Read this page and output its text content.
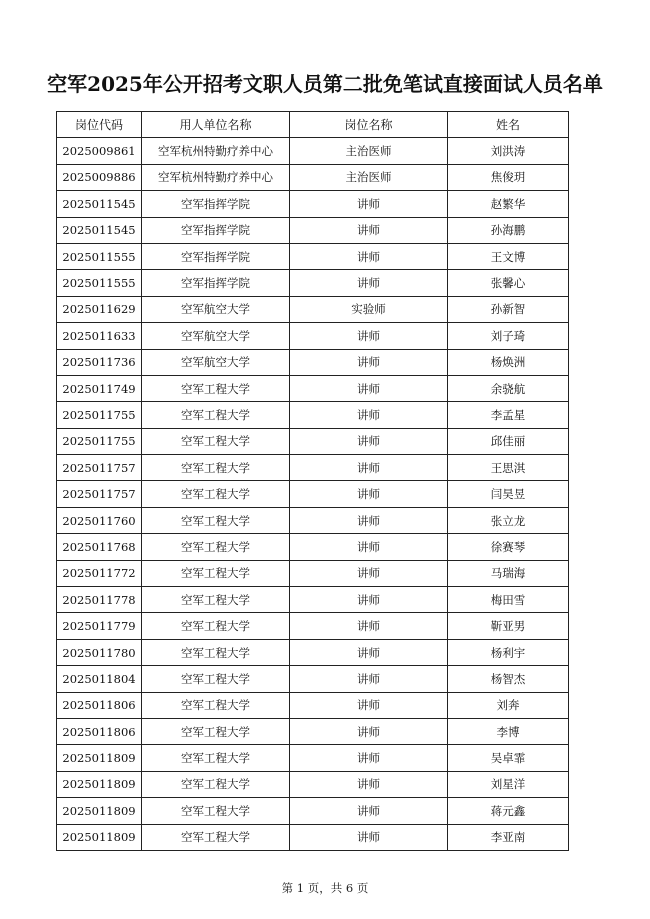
空军2025年公开招考文职人员第二批免笔试直接面试人员名单
岗位代码	用人单位名称	岗位名称	姓名
2025009861	空军杭州特勤疗养中心	主治医师	刘洪涛
2025009886	空军杭州特勤疗养中心	主治医师	焦俊玥
2025011545	空军指挥学院	讲师	赵繁华
2025011545	空军指挥学院	讲师	孙海鹏
2025011555	空军指挥学院	讲师	王文博
2025011555	空军指挥学院	讲师	张馨心
2025011629	空军航空大学	实验师	孙新智
2025011633	空军航空大学	讲师	刘子琦
2025011736	空军航空大学	讲师	杨焕洲
2025011749	空军工程大学	讲师	余骁航
2025011755	空军工程大学	讲师	李孟星
2025011755	空军工程大学	讲师	邱佳丽
2025011757	空军工程大学	讲师	王思淇
2025011757	空军工程大学	讲师	闫昊昱
2025011760	空军工程大学	讲师	张立龙
2025011768	空军工程大学	讲师	徐赛琴
2025011772	空军工程大学	讲师	马瑞海
2025011778	空军工程大学	讲师	梅田雪
2025011779	空军工程大学	讲师	靳亚男
2025011780	空军工程大学	讲师	杨利宇
2025011804	空军工程大学	讲师	杨智杰
2025011806	空军工程大学	讲师	刘奔
2025011806	空军工程大学	讲师	李博
2025011809	空军工程大学	讲师	吴卓霏
2025011809	空军工程大学	讲师	刘星洋
2025011809	空军工程大学	讲师	蒋元鑫
2025011809	空军工程大学	讲师	李亚南
第 1 页，共 6 页
